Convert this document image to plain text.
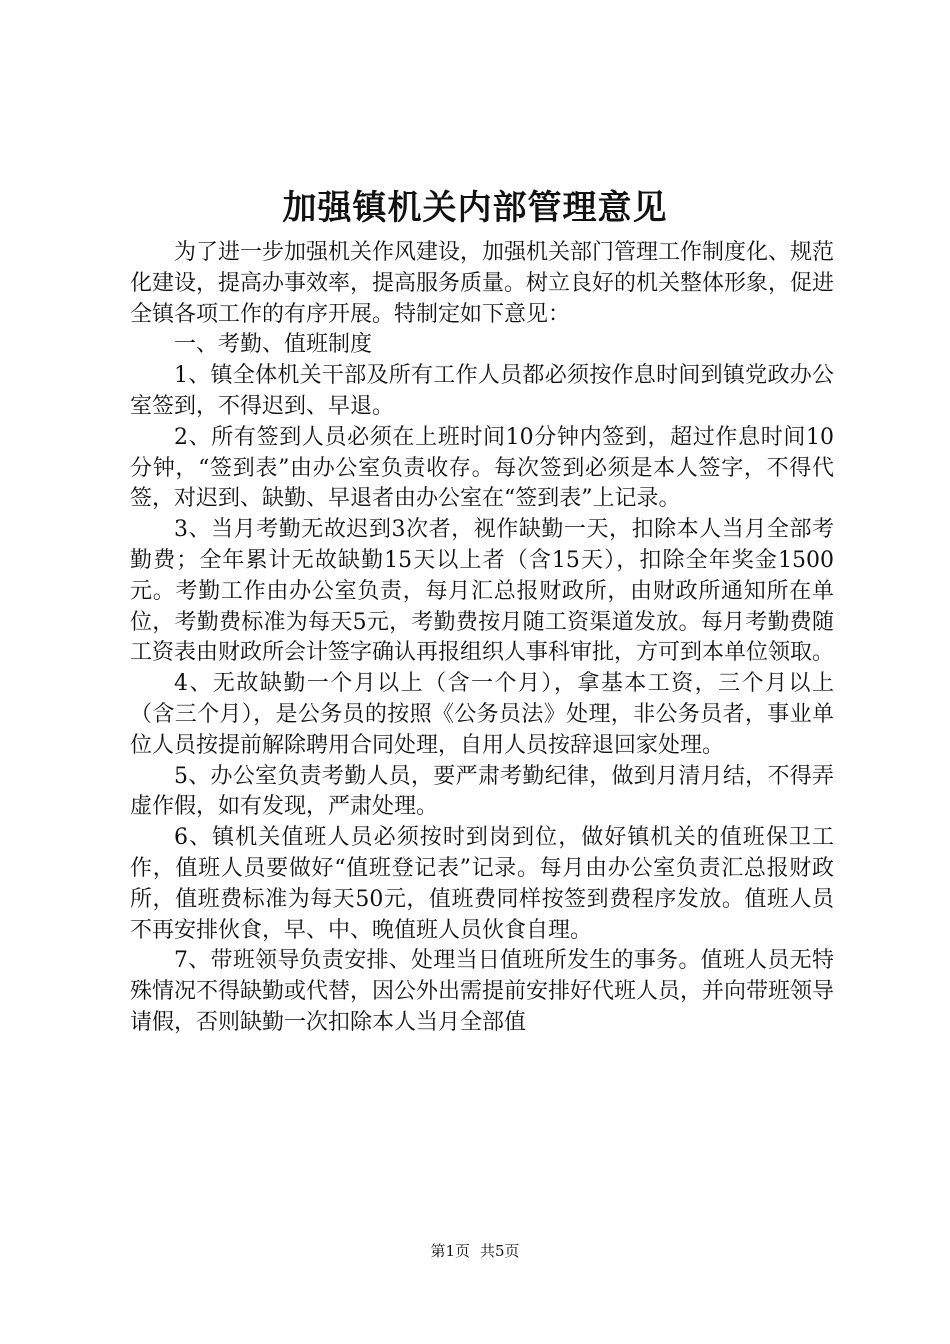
加强镇机关内部管理意见

为了进一步加强机关作风建设，加强机关部门管理工作制度化、规范化建设，提高办事效率，提高服务质量。树立良好的机关整体形象，促进全镇各项工作的有序开展。特制定如下意见：

一、考勤、值班制度

1、镇全体机关干部及所有工作人员都必须按作息时间到镇党政办公室签到，不得迟到、早退。

2、所有签到人员必须在上班时间10分钟内签到，超过作息时间10分钟，“签到表”由办公室负责收存。每次签到必须是本人签字，不得代签，对迟到、缺勤、早退者由办公室在“签到表”上记录。

3、当月考勤无故迟到3次者，视作缺勤一天，扣除本人当月全部考勤费；全年累计无故缺勤15天以上者（含15天），扣除全年奖金1500元。考勤工作由办公室负责，每月汇总报财政所，由财政所通知所在单位，考勤费标准为每天5元，考勤费按月随工资渠道发放。每月考勤费随工资表由财政所会计签字确认再报组织人事科审批，方可到本单位领取。

4、无故缺勤一个月以上（含一个月），拿基本工资，三个月以上（含三个月），是公务员的按照《公务员法》处理，非公务员者，事业单位人员按提前解除聘用合同处理，自用人员按辞退回家处理。

5、办公室负责考勤人员，要严肃考勤纪律，做到月清月结，不得弄虚作假，如有发现，严肃处理。

6、镇机关值班人员必须按时到岗到位，做好镇机关的值班保卫工作，值班人员要做好“值班登记表”记录。每月由办公室负责汇总报财政所，值班费标准为每天50元，值班费同样按签到费程序发放。值班人员不再安排伙食，早、中、晚值班人员伙食自理。

7、带班领导负责安排、处理当日值班所发生的事务。值班人员无特殊情况不得缺勤或代替，因公外出需提前安排好代班人员，并向带班领导请假，否则缺勤一次扣除本人当月全部值

第1页 共5页
